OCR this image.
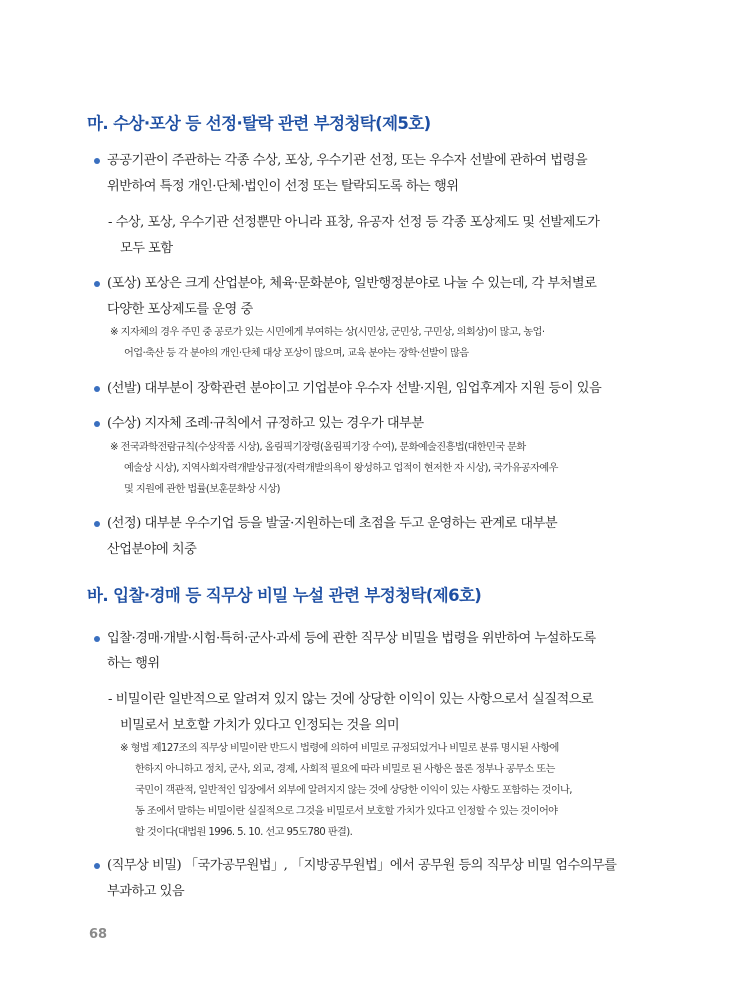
마. 수상·포상 등 선정·탈락 관련 부정청탁(제5호)
공공기관이 주관하는 각종 수상, 포상, 우수기관 선정, 또는 우수자 선발에 관하여 법령을
위반하여 특정 개인·단체·법인이 선정 또는 탈락되도록 하는 행위
- 수상, 포상, 우수기관 선정뿐만 아니라 표창, 유공자 선정 등 각종 포상제도 및 선발제도가
모두 포함
(포상) 포상은 크게 산업분야, 체육·문화분야, 일반행정분야로 나눌 수 있는데, 각 부처별로
다양한 포상제도를 운영 중
※ 지자체의 경우 주민 중 공로가 있는 시민에게 부여하는 상(시민상, 군민상, 구민상, 의회상)이 많고, 농업·
어업·축산 등 각 분야의 개인·단체 대상 포상이 많으며, 교육 분야는 장학·선발이 많음
(선발) 대부분이 장학관련 분야이고 기업분야 우수자 선발·지원, 임업후계자 지원 등이 있음
(수상) 지자체 조례·규칙에서 규정하고 있는 경우가 대부분
※ 전국과학전람규칙(수상작품 시상), 올림픽기장령(올림픽기장 수여), 문화예술진흥법(대한민국 문화
예술상 시상), 지역사회자력개발상규정(자력개발의욕이 왕성하고 업적이 현저한 자 시상), 국가유공자예우
및 지원에 관한 법률(보훈문화상 시상)
(선정) 대부분 우수기업 등을 발굴·지원하는데 초점을 두고 운영하는 관계로 대부분
산업분야에 치중
바. 입찰·경매 등 직무상 비밀 누설 관련 부정청탁(제6호)
입찰·경매·개발·시험·특허·군사·과세 등에 관한 직무상 비밀을 법령을 위반하여 누설하도록
하는 행위
- 비밀이란 일반적으로 알려져 있지 않는 것에 상당한 이익이 있는 사항으로서 실질적으로
비밀로서 보호할 가치가 있다고 인정되는 것을 의미
※ 형법 제127조의 직무상 비밀이란 반드시 법령에 의하여 비밀로 규정되었거나 비밀로 분류 명시된 사항에
한하지 아니하고 정치, 군사, 외교, 경제, 사회적 필요에 따라 비밀로 된 사항은 물론 정부나 공무소 또는
국민이 객관적, 일반적인 입장에서 외부에 알려지지 않는 것에 상당한 이익이 있는 사항도 포함하는 것이나,
동 조에서 말하는 비밀이란 실질적으로 그것을 비밀로서 보호할 가치가 있다고 인정할 수 있는 것이어야
할 것이다(대법원 1996. 5. 10. 선고 95도780 판결).
(직무상 비밀) 「국가공무원법」, 「지방공무원법」에서 공무원 등의 직무상 비밀 엄수의무를
부과하고 있음
68
